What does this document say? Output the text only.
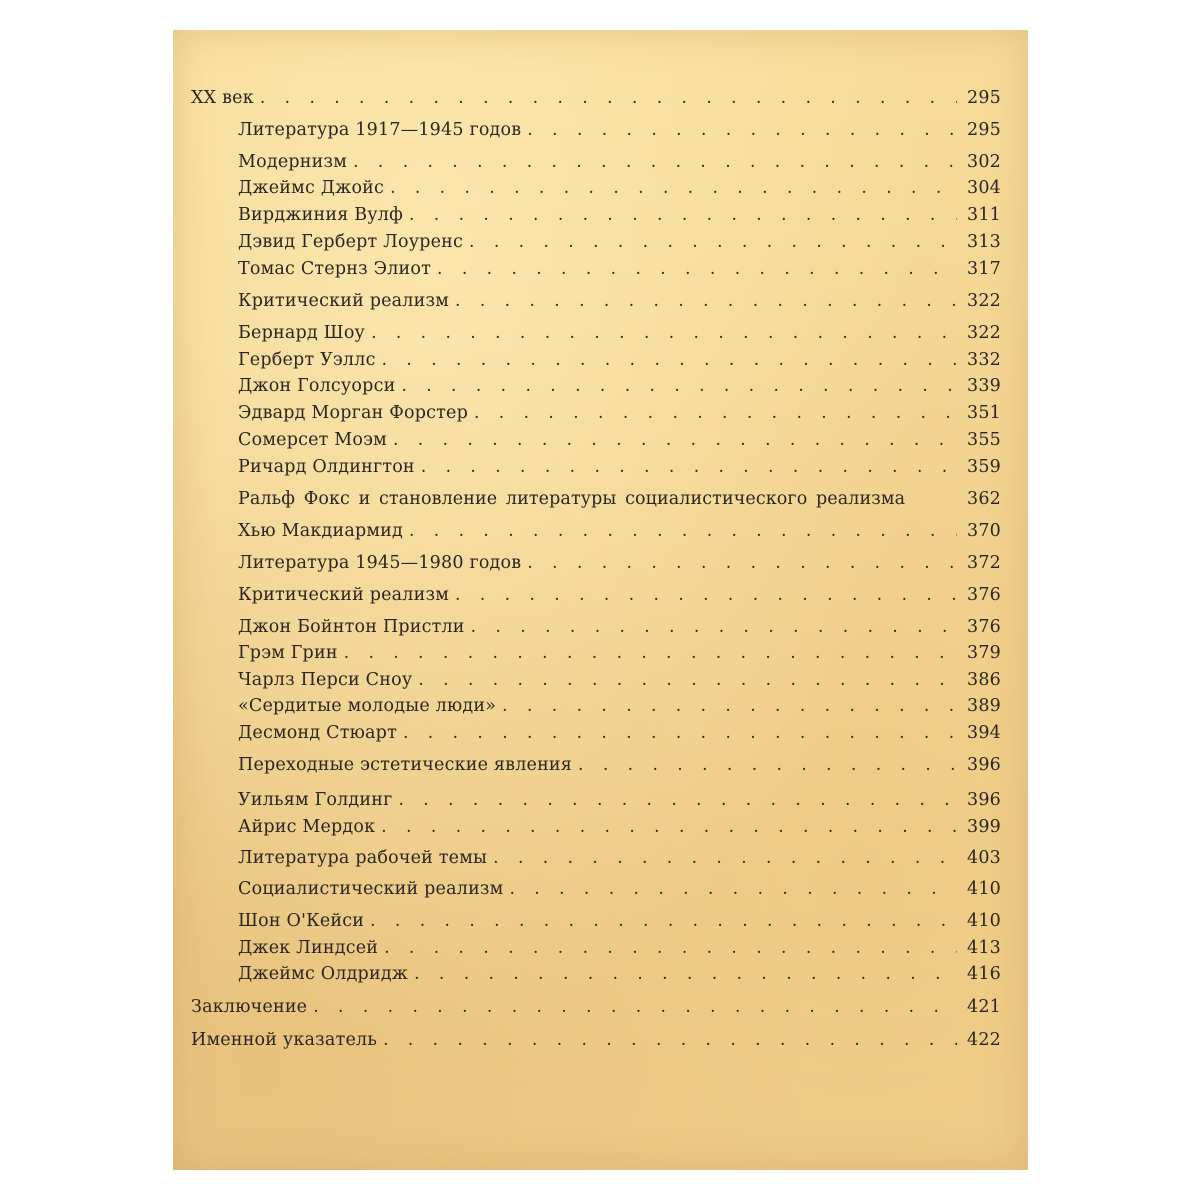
XX век . . .	295
Литература 1917—1945 годов . . .	295
Модернизм . . .	302
Джеймс Джойс . . .	304
Вирджиния Вулф . . .	311
Дэвид Герберт Лоуренс . . .	313
Томас Стернз Элиот . . .	317
Критический реализм . . .	322
Бернард Шоу . . .	322
Герберт Уэллс . . .	332
Джон Голсуорси . . .	339
Эдвард Морган Форстер . . .	351
Сомерсет Моэм . . .	355
Ричард Олдингтон . . .	359
Ральф Фокс и становление литературы социалистического реализма	362
Хью Макдиармид . . .	370
Литература 1945—1980 годов . . .	372
Критический реализм . . .	376
Джон Бойнтон Пристли . . .	376
Грэм Грин . . .	379
Чарлз Перси Сноу . . .	386
«Сердитые молодые люди» . . .	389
Десмонд Стюарт . . .	394
Переходные эстетические явления . . .	396
Уильям Голдинг . . .	396
Айрис Мердок . . .	399
Литература рабочей темы . . .	403
Социалистический реализм . . .	410
Шон О'Кейси . . .	410
Джек Линдсей . . .	413
Джеймс Олдридж . . .	416
Заключение . . .	421
Именной указатель . . .	422
